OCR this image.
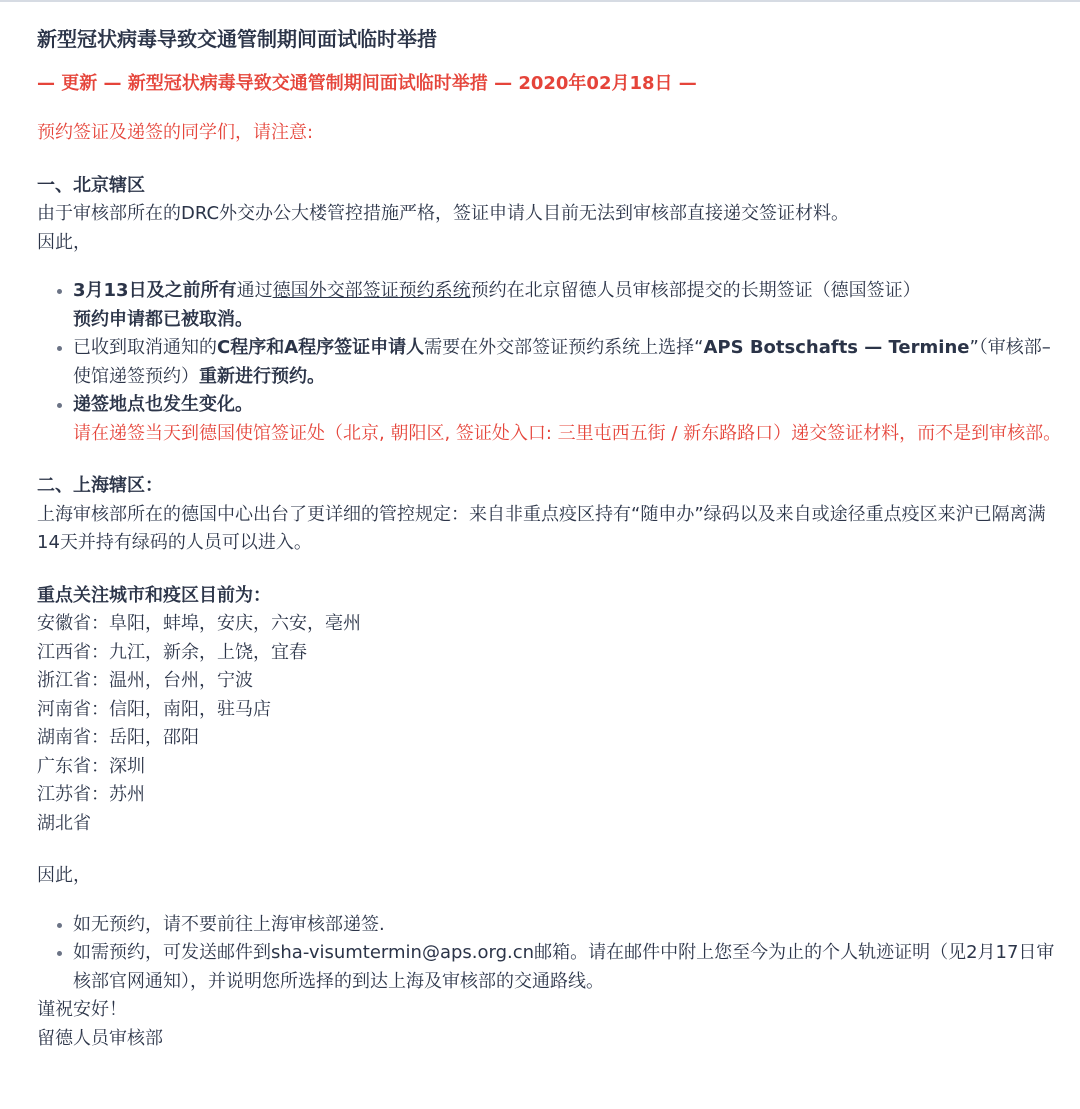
新型冠状病毒导致交通管制期间面试临时举措
— 更新 — 新型冠状病毒导致交通管制期间面试临时举措 — 2020年02月18日 —

预约签证及递签的同学们，请注意:

一、北京辖区

由于审核部所在的DRC外交办公大楼管控措施严格，签证申请人目前无法到审核部直接递交签证材料。

因此，

3月13日及之前所有通过德国外交部签证预约系统预约在北京留德人员审核部提交的长期签证（德国签证）
预约申请都已被取消。
已收到取消通知的C程序和A程序签证申请人需要在外交部签证预约系统上选择“APS Botschafts — Termine”（审核部–使馆递签预约）重新进行预约。
递签地点也发生变化。
请在递签当天到德国使馆签证处（北京, 朝阳区, 签证处入口: 三里屯西五街 / 新东路路口）递交签证材料，而不是到审核部。

二、上海辖区：

上海审核部所在的德国中心出台了更详细的管控规定：来自非重点疫区持有“随申办”绿码以及来自或途径重点疫区来沪已隔离满14天并持有绿码的人员可以进入。

重点关注城市和疫区目前为：

安徽省：阜阳，蚌埠，安庆，六安，亳州

江西省：九江，新余，上饶，宜春

浙江省：温州，台州，宁波

河南省：信阳，南阳，驻马店

湖南省：岳阳，邵阳

广东省：深圳

江苏省：苏州

湖北省

因此，

如无预约，请不要前往上海审核部递签.
如需预约，可发送邮件到sha-visumtermin@aps.org.cn邮箱。请在邮件中附上您至今为止的个人轨迹证明（见2月17日审核部官网通知），并说明您所选择的到达上海及审核部的交通路线。

谨祝安好！

留德人员审核部
